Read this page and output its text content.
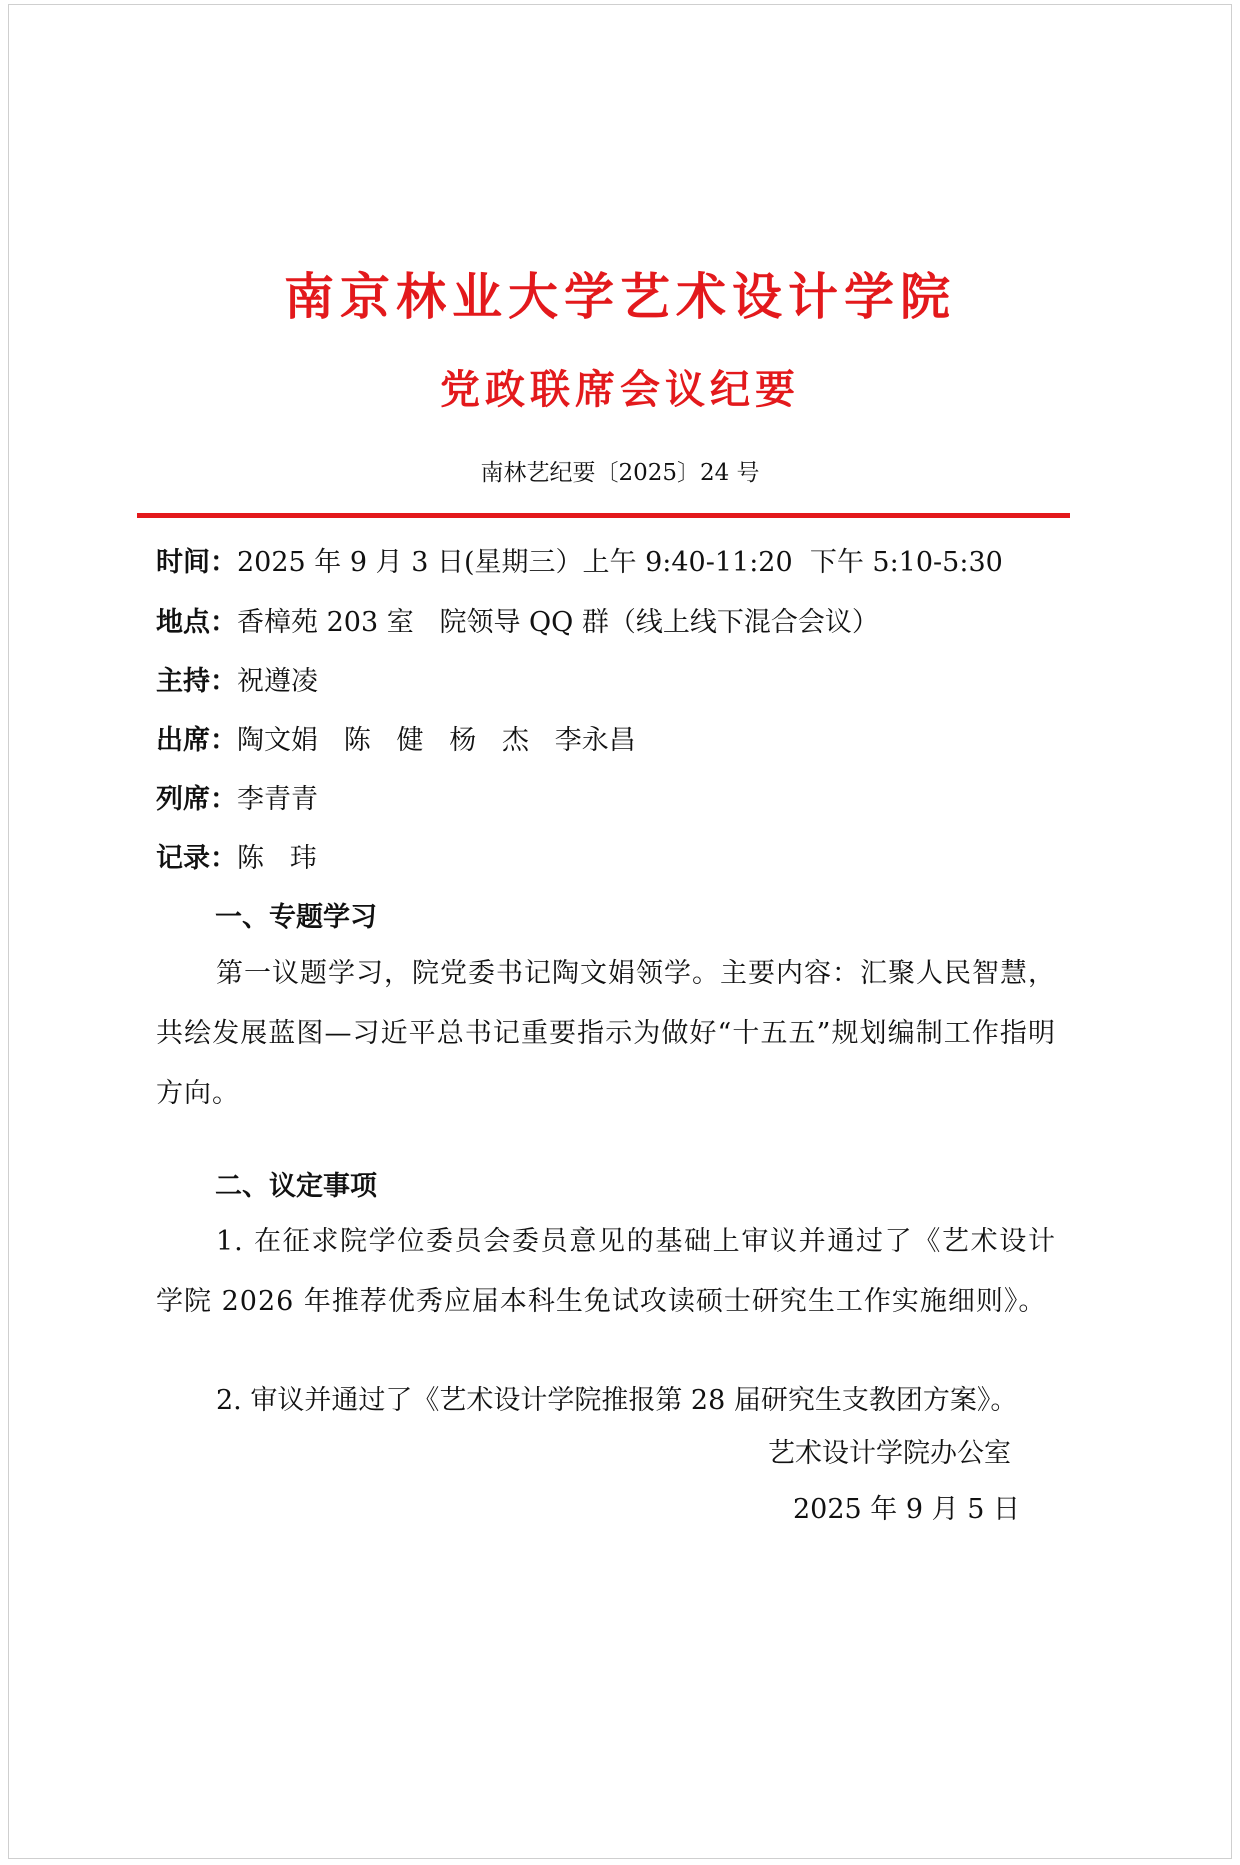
南京林业大学艺术设计学院
党政联席会议纪要
南林艺纪要〔2025〕24 号
时间：2025 年 9 月 3 日(星期三）上午 9:40-11:20  下午 5:10-5:30
地点：香樟苑 203 室   院领导 QQ 群（线上线下混合会议）
主持：祝遵凌
出席：陶文娟   陈   健   杨   杰   李永昌
列席：李青青
记录：陈   玮
一、专题学习
第一议题学习，院党委书记陶文娟领学。主要内容：汇聚人民智慧，共绘发展蓝图—习近平总书记重要指示为做好“十五五”规划编制工作指明方向。
二、议定事项
1. 在征求院学位委员会委员意见的基础上审议并通过了《艺术设计学院 2026 年推荐优秀应届本科生免试攻读硕士研究生工作实施细则》。
2. 审议并通过了《艺术设计学院推报第 28 届研究生支教团方案》。
艺术设计学院办公室
2025 年 9 月 5 日
